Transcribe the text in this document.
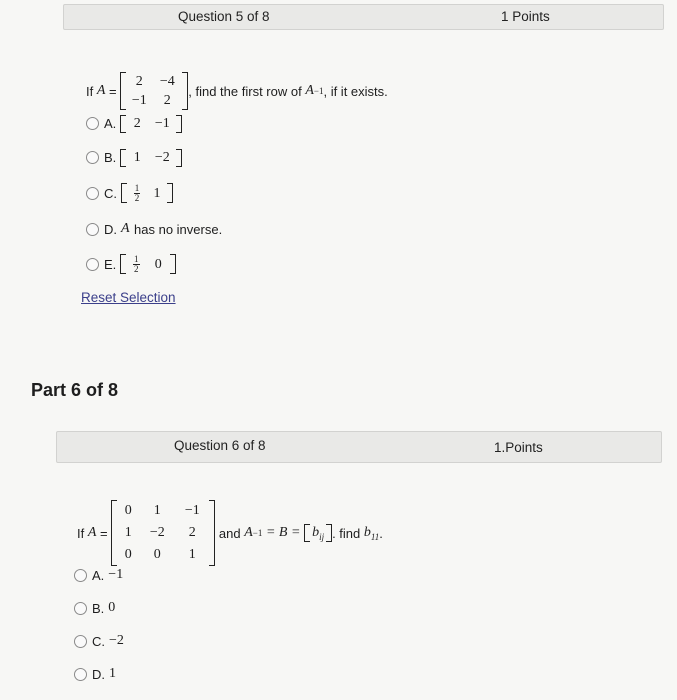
Question 5 of 8	1 Points
If
A
=

2	−4
−1	2
, find the first row of
A −1 , if it exists.
A.	2	−1
B.	1	−2
C. $\frac{1}{2} 1$
D. A
has no inverse.
E. $\frac{1}{2} 0$
Reset Selection
Part 6 of 8
Question 6 of 8	1.Points
If
A
=

0	1	−1
1	−2	2
0	0	1

and
A −1
= B =
$b_{ij}$ . find
$b_{11}$ .
A. −1
B. 0
C. −2
D. 1
